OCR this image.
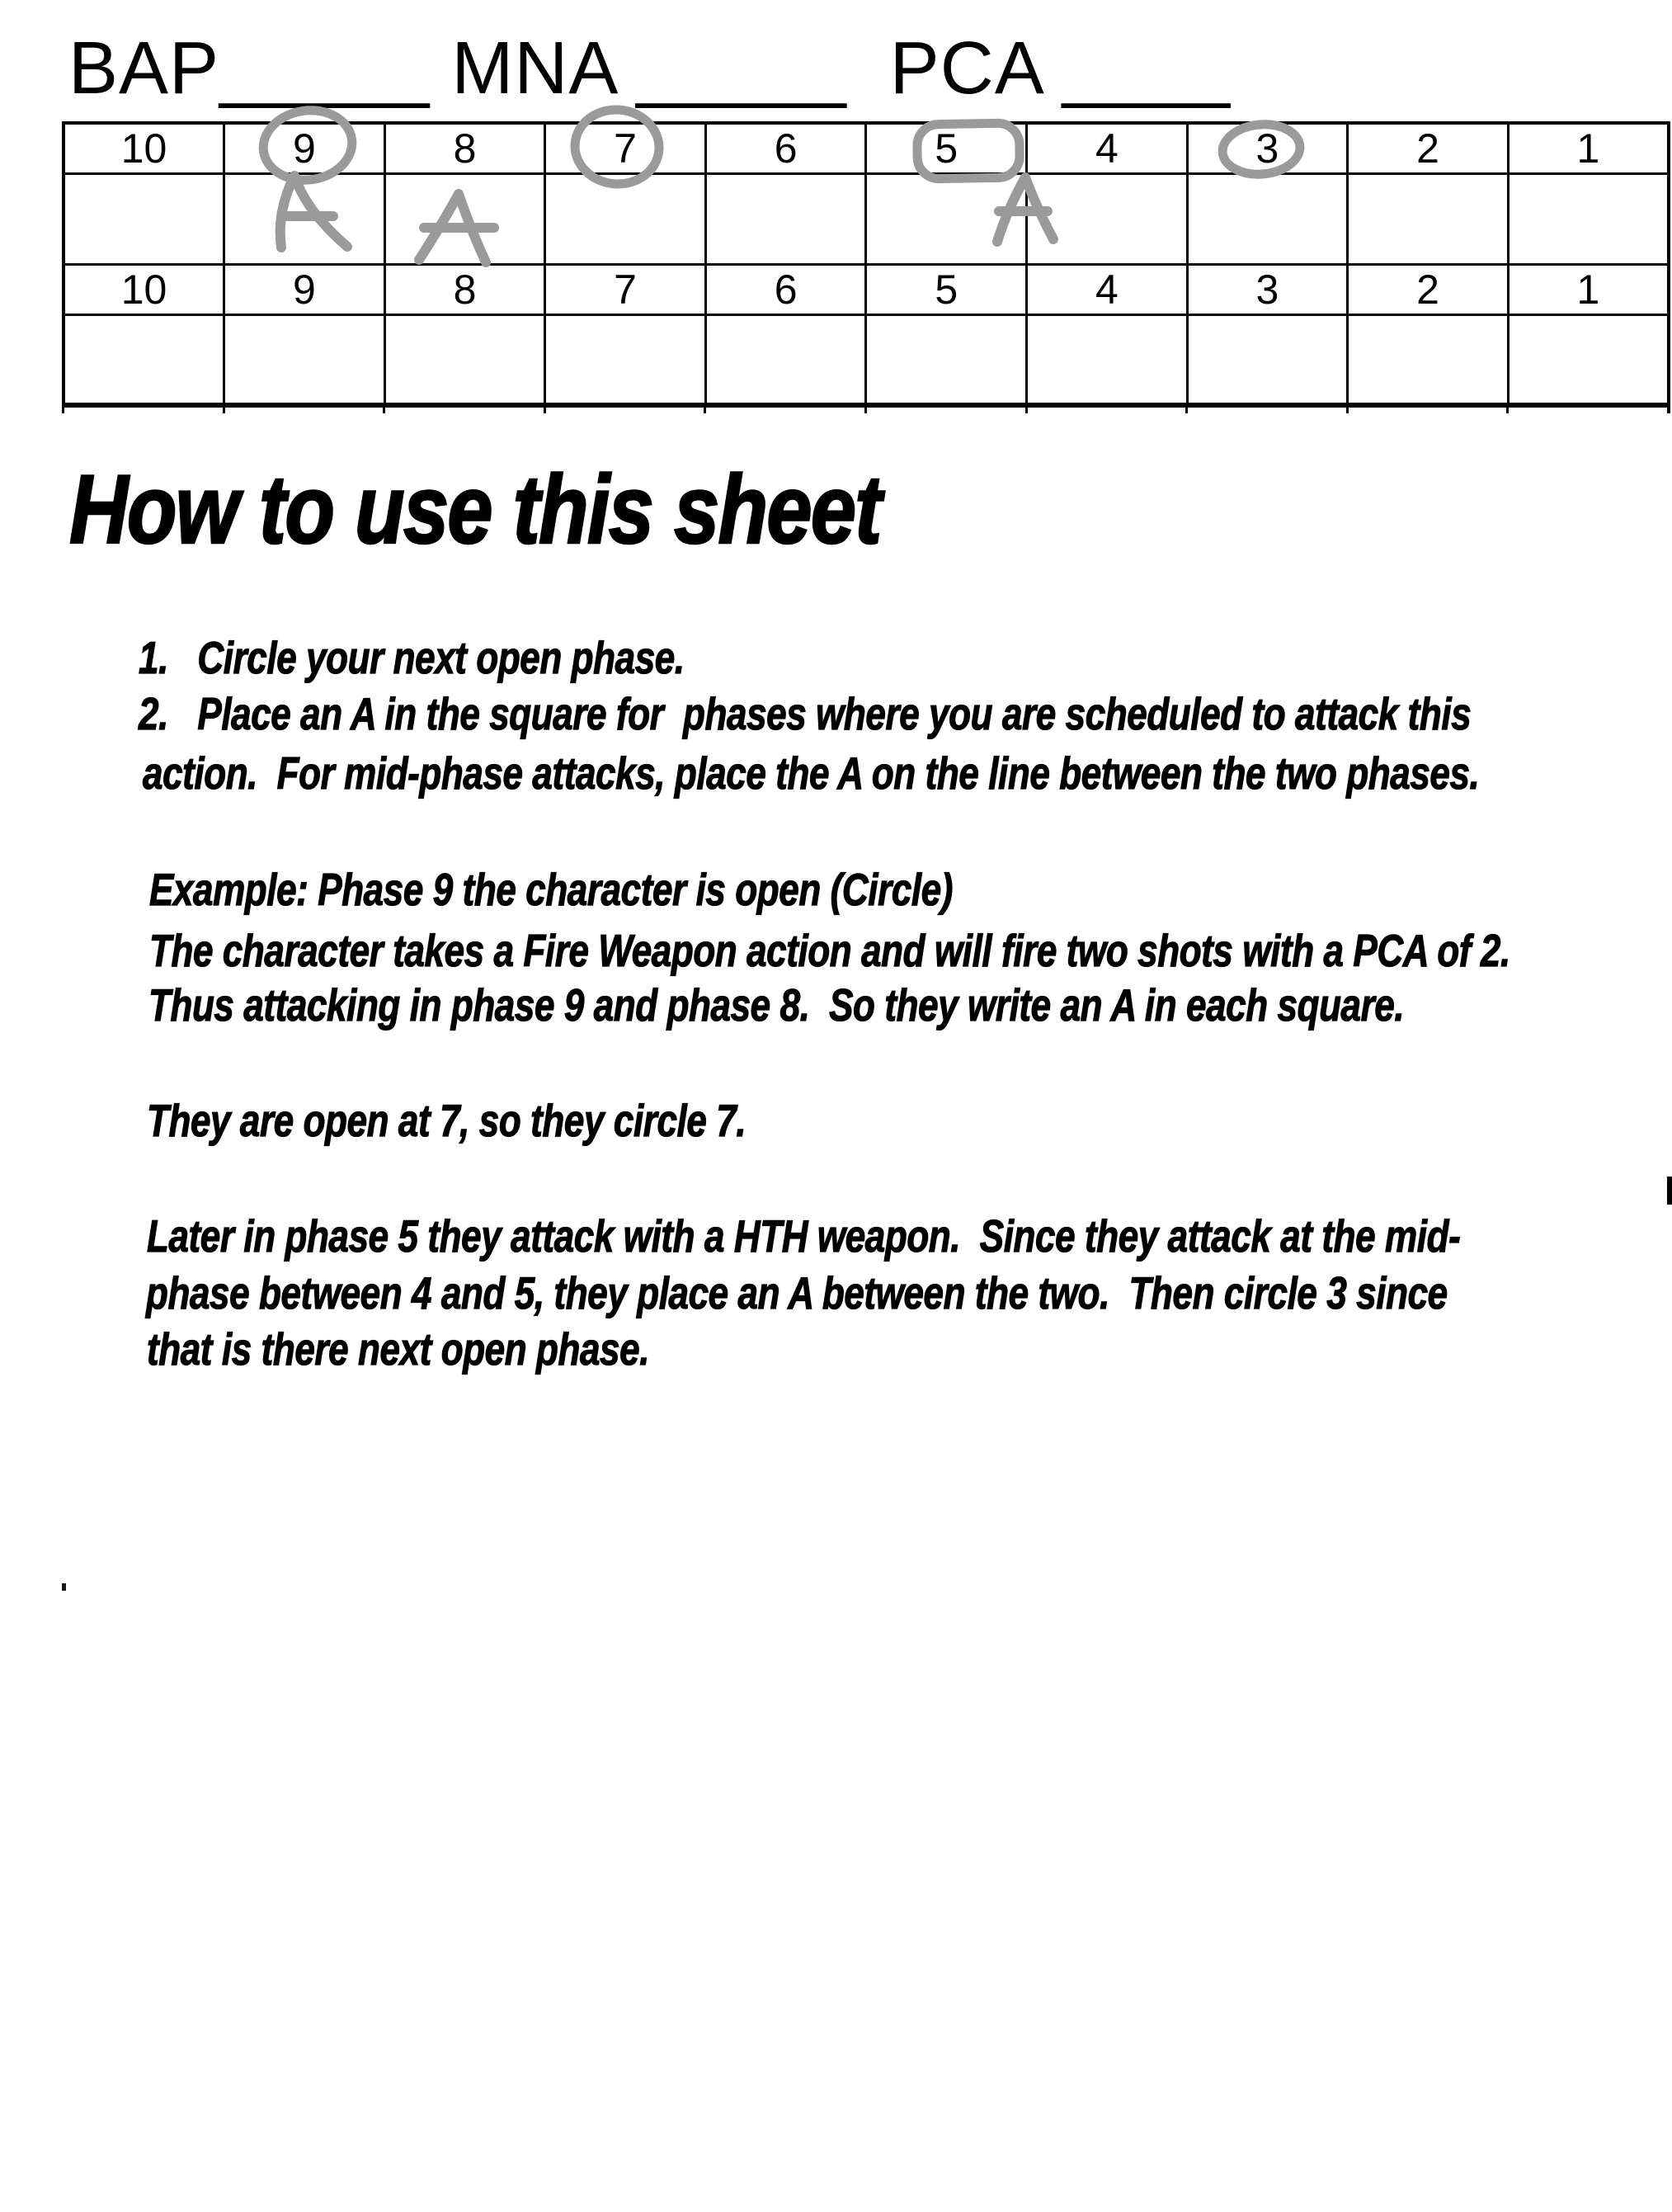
BAP_____ MNA _____  PCA ____
10	9	8	7	6	5	4	3	2	1

10	9	8	7	6	5	4	3	2	1

How to use this sheet
1.   Circle your next open phase.
2.   Place an A in the square for  phases where you are scheduled to attack this
action.  For mid-phase attacks, place the A on the line between the two phases.
Example: Phase 9 the character is open (Circle)
The character takes a Fire Weapon action and will fire two shots with a PCA of 2.
Thus attacking in phase 9 and phase 8.  So they write an A in each square.
They are open at 7, so they circle 7.
Later in phase 5 they attack with a HTH weapon.  Since they attack at the mid-
phase between 4 and 5, they place an A between the two.  Then circle 3 since
that is there next open phase.
